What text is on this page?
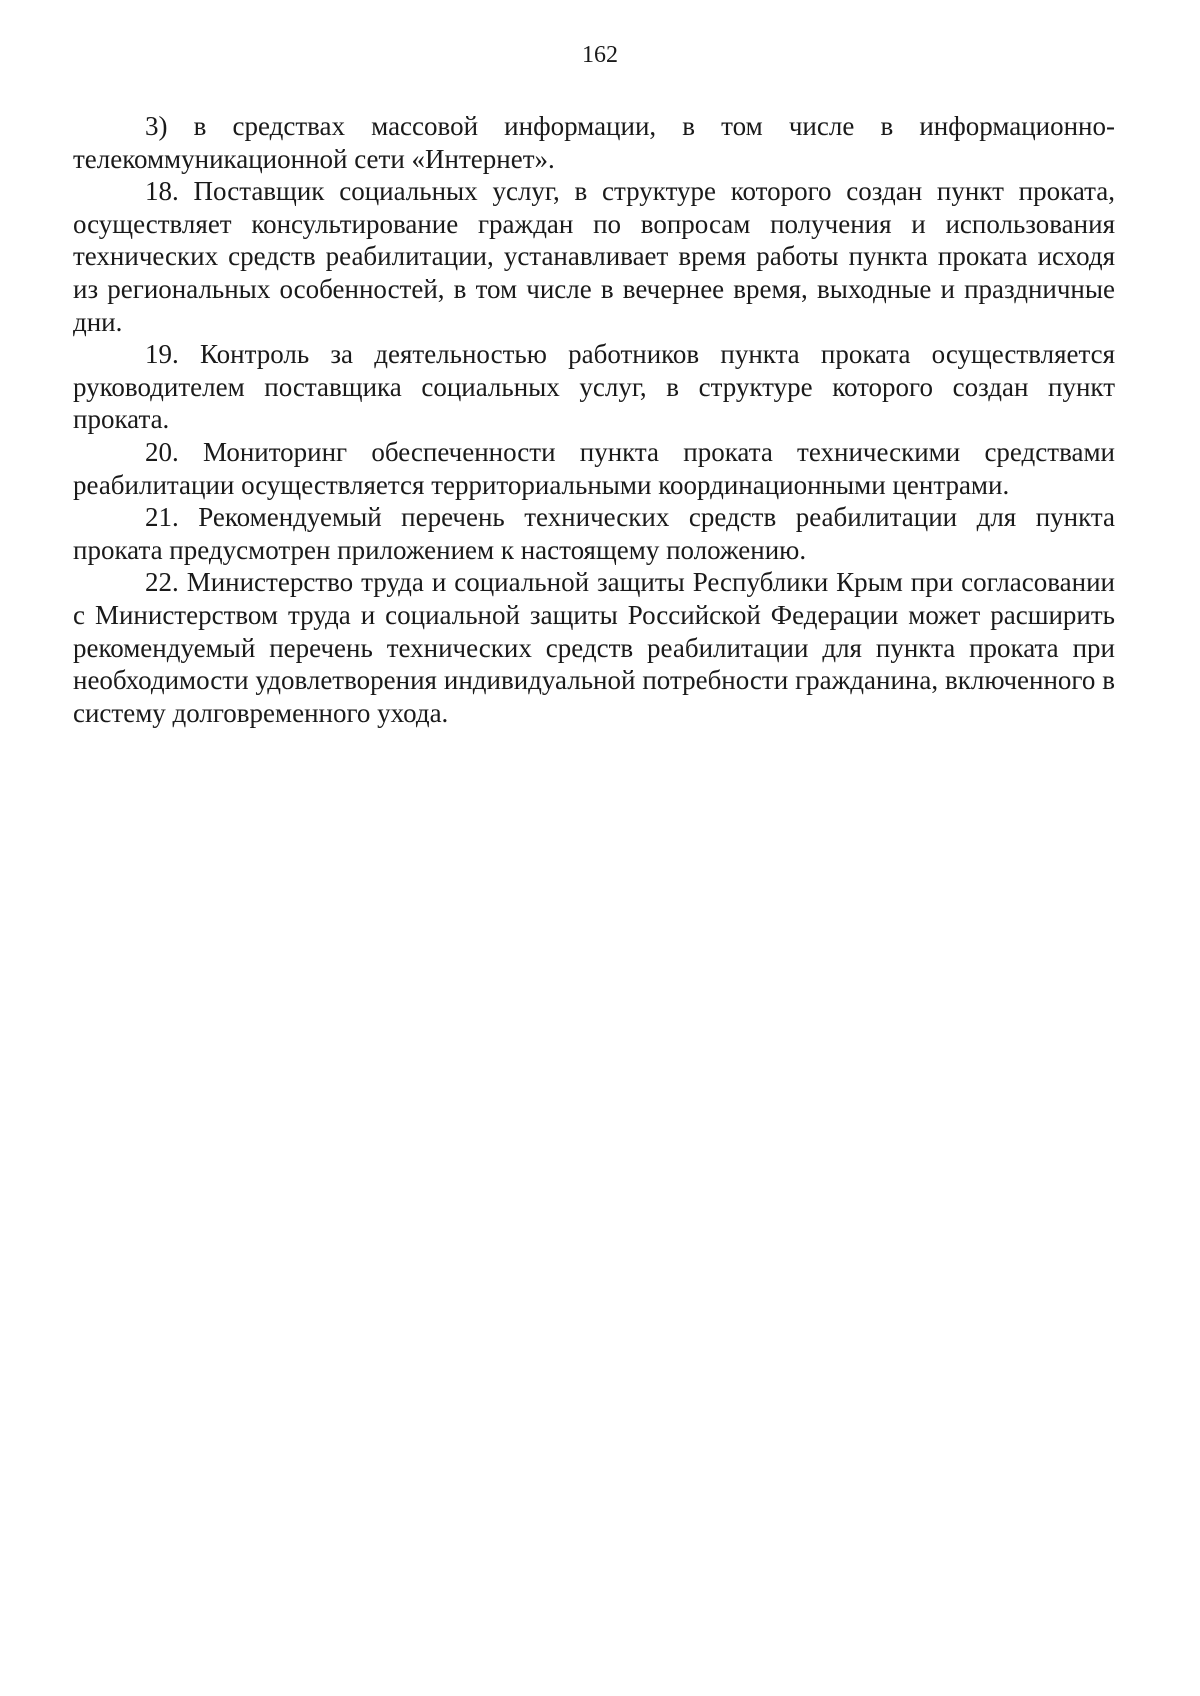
162

3) в средствах массовой информации, в том числе в информационно-телекоммуникационной сети «Интернет».

18. Поставщик социальных услуг, в структуре которого создан пункт проката, осуществляет консультирование граждан по вопросам получения и использования технических средств реабилитации, устанавливает время работы пункта проката исходя из региональных особенностей, в том числе в вечернее время, выходные и праздничные дни.

19. Контроль за деятельностью работников пункта проката осуществляется руководителем поставщика социальных услуг, в структуре которого создан пункт проката.

20. Мониторинг обеспеченности пункта проката техническими средствами реабилитации осуществляется территориальными координационными центрами.

21. Рекомендуемый перечень технических средств реабилитации для пункта проката предусмотрен приложением к настоящему положению.

22. Министерство труда и социальной защиты Республики Крым при согласовании с Министерством труда и социальной защиты Российской Федерации может расширить рекомендуемый перечень технических средств реабилитации для пункта проката при необходимости удовлетворения индивидуальной потребности гражданина, включенного в систему долговременного ухода.
